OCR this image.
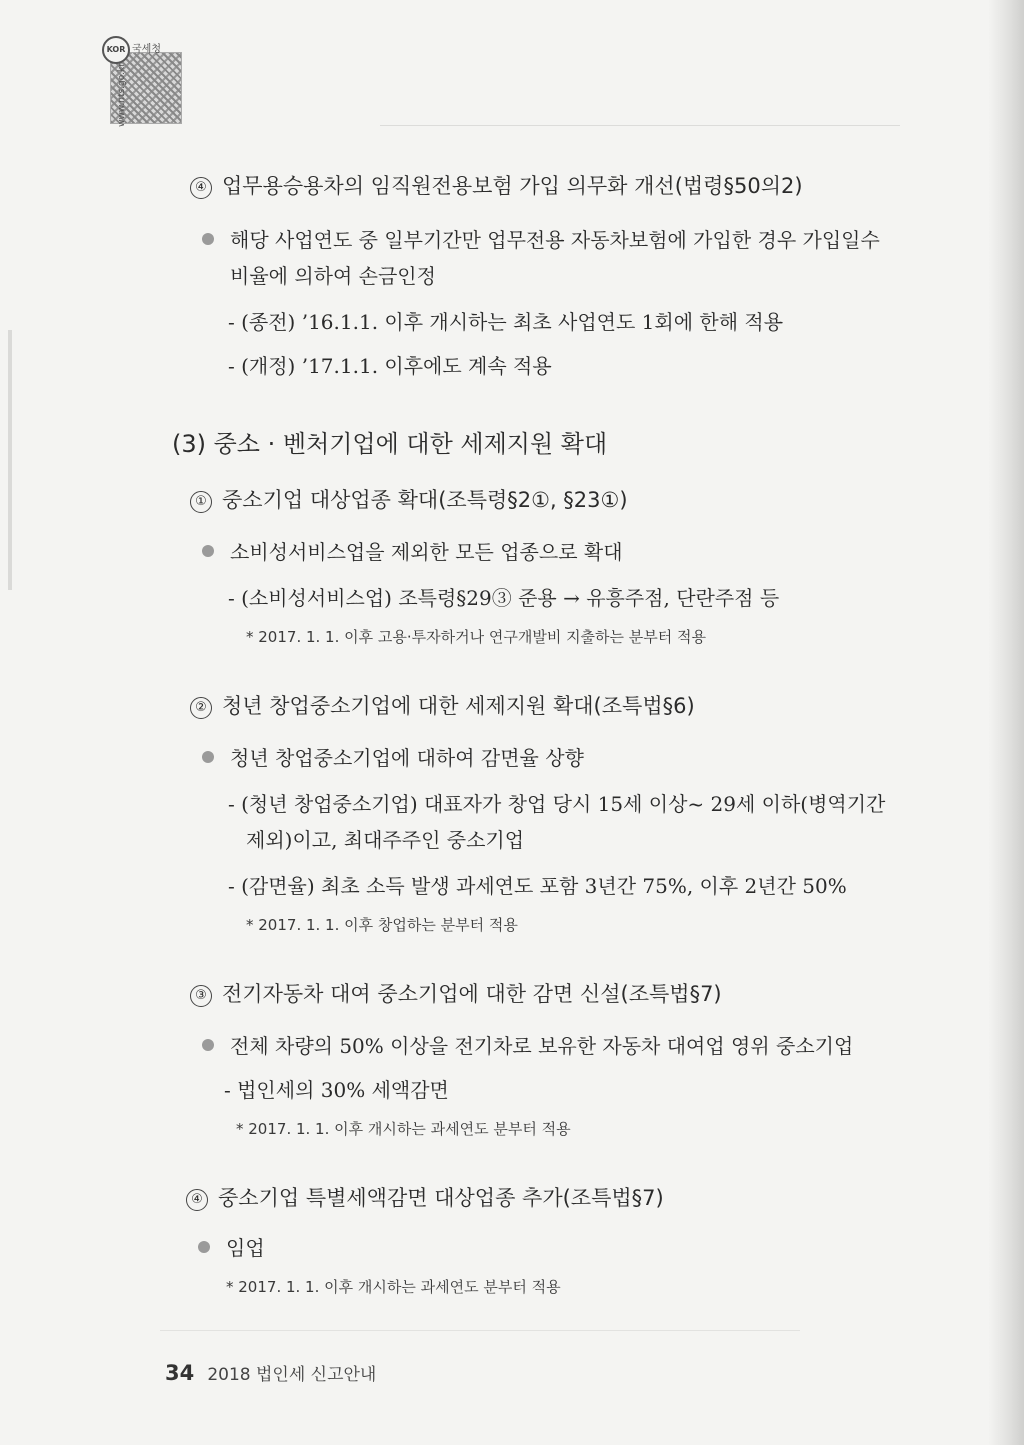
KOR 국세청
www.nts.go.kr
④ 업무용승용차의 임직원전용보험 가입 의무화 개선(법령§50의2)
해당 사업연도 중 일부기간만 업무전용 자동차보험에 가입한 경우 가입일수
비율에 의하여 손금인정
- (종전) ’16.1.1. 이후 개시하는 최초 사업연도 1회에 한해 적용
- (개정) ’17.1.1. 이후에도 계속 적용
(3) 중소 · 벤처기업에 대한 세제지원 확대
① 중소기업 대상업종 확대(조특령§2①, §23①)
소비성서비스업을 제외한 모든 업종으로 확대
- (소비성서비스업) 조특령§29③ 준용 → 유흥주점, 단란주점 등
* 2017. 1. 1. 이후 고용·투자하거나 연구개발비 지출하는 분부터 적용
② 청년 창업중소기업에 대한 세제지원 확대(조특법§6)
청년 창업중소기업에 대하여 감면율 상향
- (청년 창업중소기업) 대표자가 창업 당시 15세 이상~ 29세 이하(병역기간
제외)이고, 최대주주인 중소기업
- (감면율) 최초 소득 발생 과세연도 포함 3년간 75%, 이후 2년간 50%
* 2017. 1. 1. 이후 창업하는 분부터 적용
③ 전기자동차 대여 중소기업에 대한 감면 신설(조특법§7)
전체 차량의 50% 이상을 전기차로 보유한 자동차 대여업 영위 중소기업
- 법인세의 30% 세액감면
* 2017. 1. 1. 이후 개시하는 과세연도 분부터 적용
④ 중소기업 특별세액감면 대상업종 추가(조특법§7)
임업
* 2017. 1. 1. 이후 개시하는 과세연도 분부터 적용
34 2018 법인세 신고안내
